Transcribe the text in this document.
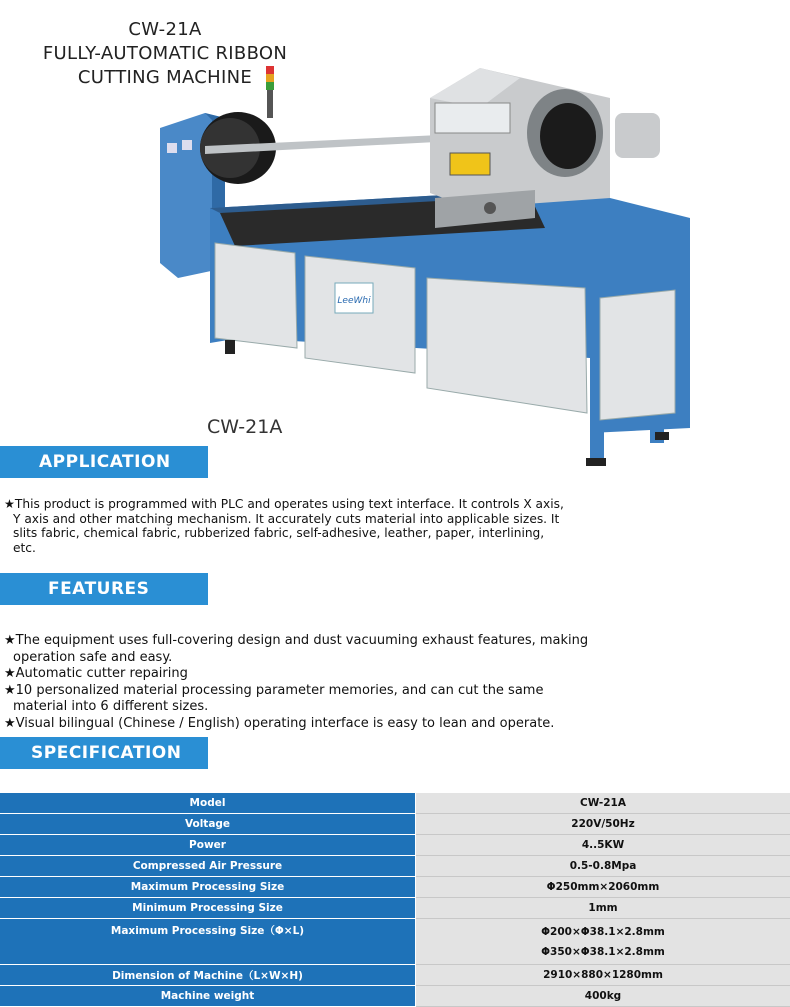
CW-21A
FULLY-AUTOMATIC RIBBON
CUTTING MACHINE
LeeWhi
CW-21A
APPLICATION

★This product is programmed with PLC and operates using text interface. It controls X axis, Y axis and other matching mechanism. It accurately cuts material into applicable sizes. It slits fabric, chemical fabric, rubberized fabric, self-adhesive, leather, paper, interlining, etc.

FEATURES

★The equipment uses full-covering design and dust vacuuming exhaust features, making operation safe and easy.

★Automatic cutter repairing

★10 personalized material processing parameter memories, and can cut the same material into 6 different sizes.

★Visual bilingual (Chinese / English) operating interface is easy to lean and operate.

SPECIFICATION
Model	CW-21A
Voltage	220V/50Hz
Power	4..5KW
Compressed Air Pressure	0.5-0.8Mpa
Maximum Processing Size	Φ250mm×2060mm
Minimum Processing Size	1mm
Maximum Processing Size（Φ×L)	Φ200×Φ38.1×2.8mm
Φ350×Φ38.1×2.8mm

Dimension of Machine（L×W×H)	2910×880×1280mm
Machine weight	400kg
